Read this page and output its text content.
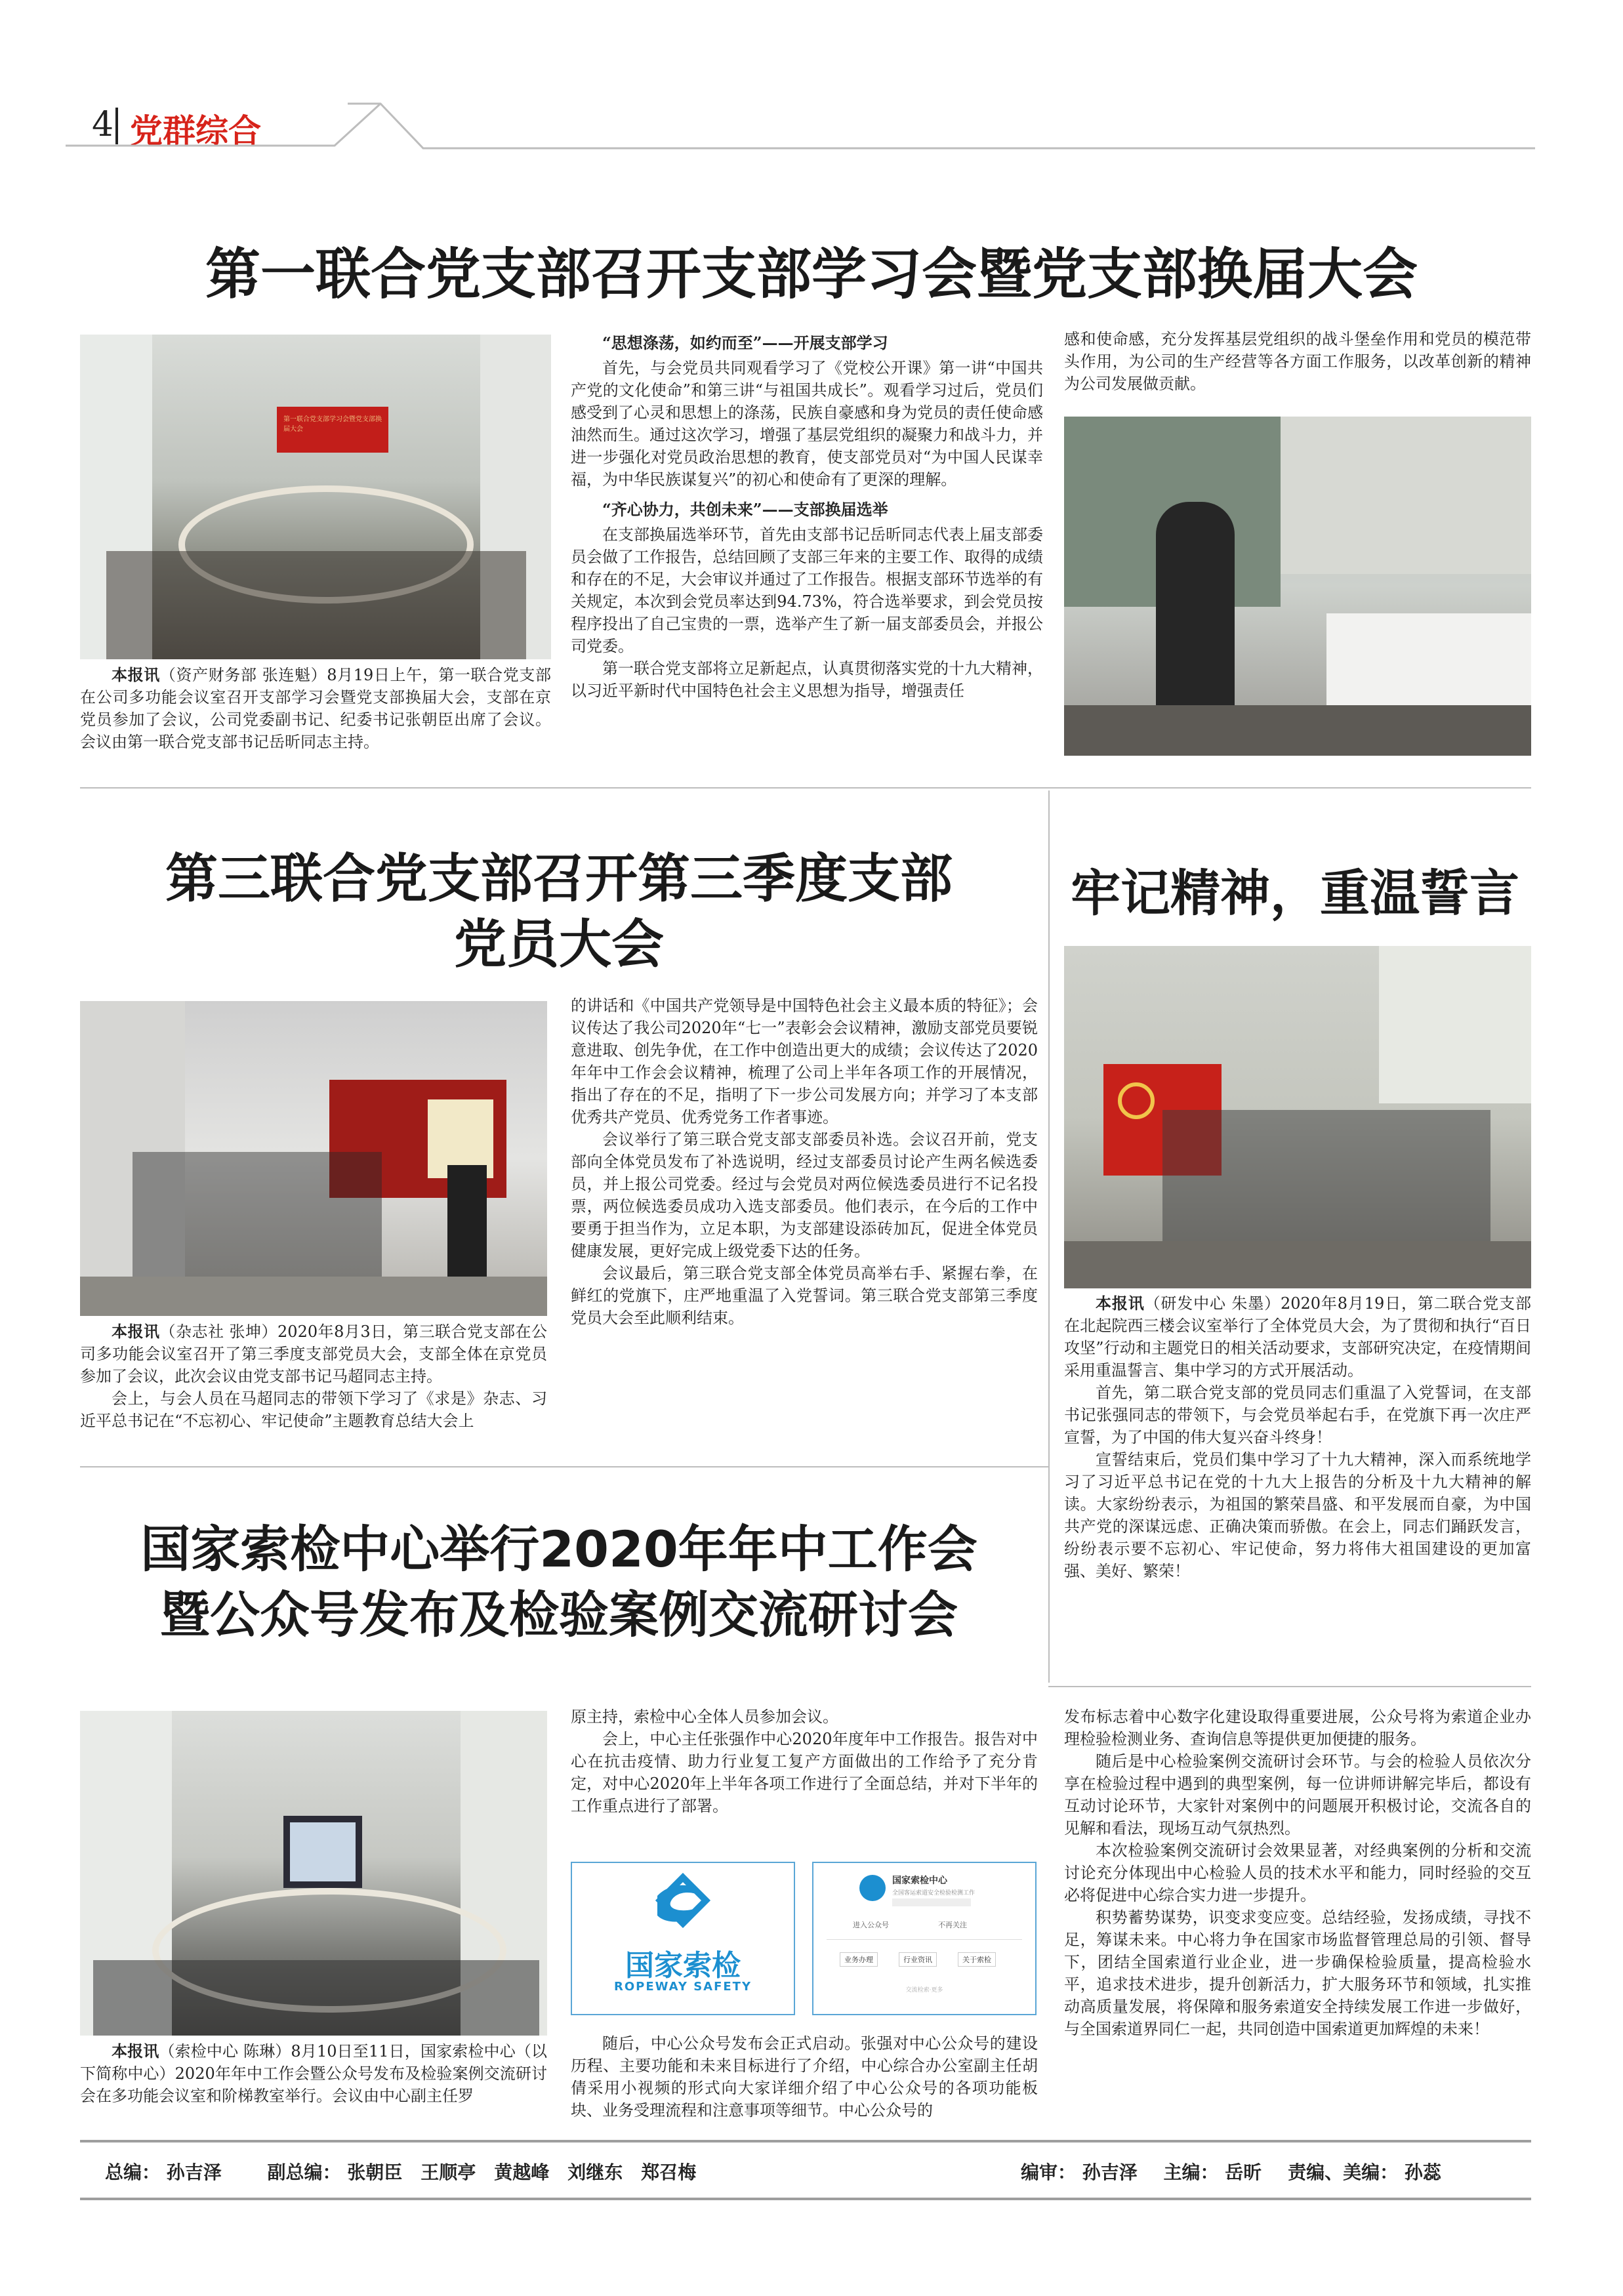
4 党群综合
第一联合党支部召开支部学习会暨党支部换届大会
第一联合党支部学习会暨党支部换届大会

本报讯（资产财务部 张连魁）8月19日上午，第一联合党支部在公司多功能会议室召开支部学习会暨党支部换届大会，支部在京党员参加了会议，公司党委副书记、纪委书记张朝臣出席了会议。会议由第一联合党支部书记岳昕同志主持。

“思想涤荡，如约而至”——开展支部学习

首先，与会党员共同观看学习了《党校公开课》第一讲“中国共产党的文化使命”和第三讲“与祖国共成长”。观看学习过后，党员们感受到了心灵和思想上的涤荡，民族自豪感和身为党员的责任使命感油然而生。通过这次学习，增强了基层党组织的凝聚力和战斗力，并进一步强化对党员政治思想的教育，使支部党员对“为中国人民谋幸福，为中华民族谋复兴”的初心和使命有了更深的理解。

“齐心协力，共创未来”——支部换届选举

在支部换届选举环节，首先由支部书记岳昕同志代表上届支部委员会做了工作报告，总结回顾了支部三年来的主要工作、取得的成绩和存在的不足，大会审议并通过了工作报告。根据支部环节选举的有关规定，本次到会党员率达到94.73%，符合选举要求，到会党员按程序投出了自己宝贵的一票，选举产生了新一届支部委员会，并报公司党委。

第一联合党支部将立足新起点，认真贯彻落实党的十九大精神，以习近平新时代中国特色社会主义思想为指导，增强责任

感和使命感，充分发挥基层党组织的战斗堡垒作用和党员的模范带头作用，为公司的生产经营等各方面工作服务，以改革创新的精神为公司发展做贡献。

第三联合党支部召开第三季度支部
党员大会

本报讯（杂志社 张坤）2020年8月3日，第三联合党支部在公司多功能会议室召开了第三季度支部党员大会，支部全体在京党员参加了会议，此次会议由党支部书记马超同志主持。

会上，与会人员在马超同志的带领下学习了《求是》杂志、习近平总书记在“不忘初心、牢记使命”主题教育总结大会上

的讲话和《中国共产党领导是中国特色社会主义最本质的特征》；会议传达了我公司2020年“七一”表彰会会议精神，激励支部党员要锐意进取、创先争优，在工作中创造出更大的成绩；会议传达了2020年年中工作会会议精神，梳理了公司上半年各项工作的开展情况，指出了存在的不足，指明了下一步公司发展方向；并学习了本支部优秀共产党员、优秀党务工作者事迹。

会议举行了第三联合党支部支部委员补选。会议召开前，党支部向全体党员发布了补选说明，经过支部委员讨论产生两名候选委员，并上报公司党委。经过与会党员对两位候选委员进行不记名投票，两位候选委员成功入选支部委员。他们表示，在今后的工作中要勇于担当作为，立足本职，为支部建设添砖加瓦，促进全体党员健康发展，更好完成上级党委下达的任务。

会议最后，第三联合党支部全体党员高举右手、紧握右拳，在鲜红的党旗下，庄严地重温了入党誓词。第三联合党支部第三季度党员大会至此顺利结束。

牢记精神，重温誓言

本报讯（研发中心 朱墨）2020年8月19日，第二联合党支部在北起院西三楼会议室举行了全体党员大会，为了贯彻和执行“百日攻坚”行动和主题党日的相关活动要求，支部研究决定，在疫情期间采用重温誓言、集中学习的方式开展活动。

首先，第二联合党支部的党员同志们重温了入党誓词，在支部书记张强同志的带领下，与会党员举起右手，在党旗下再一次庄严宣誓，为了中国的伟大复兴奋斗终身！

宣誓结束后，党员们集中学习了十九大精神，深入而系统地学习了习近平总书记在党的十九大上报告的分析及十九大精神的解读。大家纷纷表示，为祖国的繁荣昌盛、和平发展而自豪，为中国共产党的深谋远虑、正确决策而骄傲。在会上，同志们踊跃发言，纷纷表示要不忘初心、牢记使命，努力将伟大祖国建设的更加富强、美好、繁荣！

国家索检中心举行2020年年中工作会
暨公众号发布及检验案例交流研讨会

本报讯（索检中心 陈琳）8月10日至11日，国家索检中心（以下简称中心）2020年年中工作会暨公众号发布及检验案例交流研讨会在多功能会议室和阶梯教室举行。会议由中心副主任罗

原主持，索检中心全体人员参加会议。

会上，中心主任张强作中心2020年度年中工作报告。报告对中心在抗击疫情、助力行业复工复产方面做出的工作给予了充分肯定，对中心2020年上半年各项工作进行了全面总结，并对下半年的工作重点进行了部署。

国家索检
ROPEWAY SAFETY
国家索检中心
全国客运索道安全检验检测工作
进入公众号	不再关注
业务办理	行业资讯	关于索检
交流检索·更多

随后，中心公众号发布会正式启动。张强对中心公众号的建设历程、主要功能和未来目标进行了介绍，中心综合办公室副主任胡倩采用小视频的形式向大家详细介绍了中心公众号的各项功能板块、业务受理流程和注意事项等细节。中心公众号的

发布标志着中心数字化建设取得重要进展，公众号将为索道企业办理检验检测业务、查询信息等提供更加便捷的服务。

随后是中心检验案例交流研讨会环节。与会的检验人员依次分享在检验过程中遇到的典型案例，每一位讲师讲解完毕后，都设有互动讨论环节，大家针对案例中的问题展开积极讨论，交流各自的见解和看法，现场互动气氛热烈。

本次检验案例交流研讨会效果显著，对经典案例的分析和交流讨论充分体现出中心检验人员的技术水平和能力，同时经验的交互必将促进中心综合实力进一步提升。

积势蓄势谋势，识变求变应变。总结经验，发扬成绩，寻找不足，筹谋未来。中心将力争在国家市场监督管理总局的引领、督导下，团结全国索道行业企业，进一步确保检验质量，提高检验水平，追求技术进步，提升创新活力，扩大服务环节和领域，扎实推动高质量发展，将保障和服务索道安全持续发展工作进一步做好，与全国索道界同仁一起，共同创造中国索道更加辉煌的未来！

总编： 孙吉泽 副总编： 张朝臣　王顺亭　黄越峰　刘继东　郑召梅	编审： 孙吉泽 主编： 岳昕 责编、美编： 孙蕊
